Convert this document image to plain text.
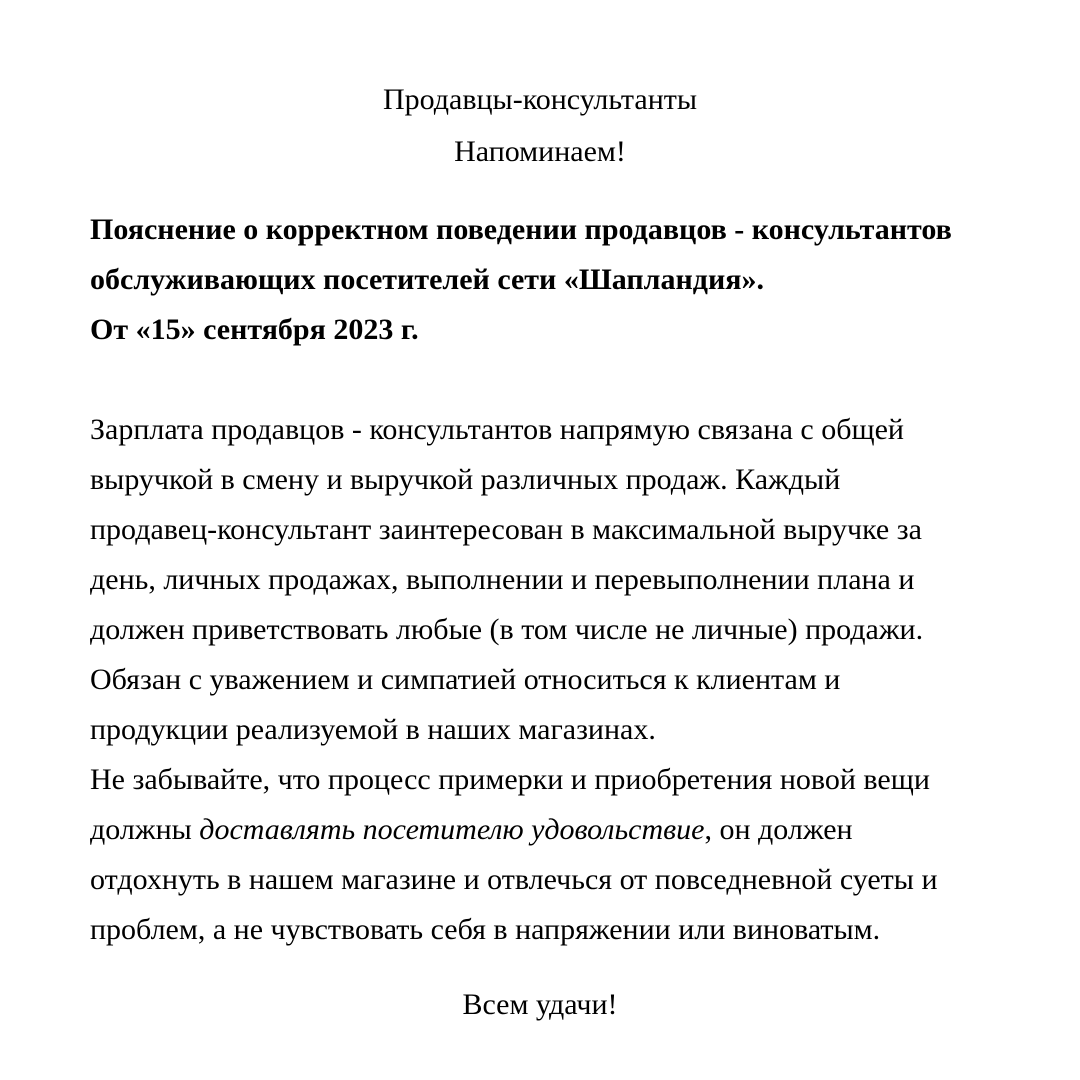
Продавцы-консультанты
Напоминаем!
Пояснение о корректном поведении продавцов - консультантов
обслуживающих посетителей сети «Шапландия».
От «15» сентября 2023 г.
Зарплата продавцов - консультантов напрямую связана с общей
выручкой в смену и выручкой различных продаж. Каждый
продавец-консультант заинтересован в максимальной выручке за
день, личных продажах, выполнении и перевыполнении плана и
должен приветствовать любые (в том числе не личные) продажи.
Обязан с уважением и симпатией относиться к клиентам и
продукции реализуемой в наших магазинах.
Не забывайте, что процесс примерки и приобретения новой вещи
должны доставлять посетителю удовольствие, он должен
отдохнуть в нашем магазине и отвлечься от повседневной суеты и
проблем, а не чувствовать себя в напряжении или виноватым.
Всем удачи!
